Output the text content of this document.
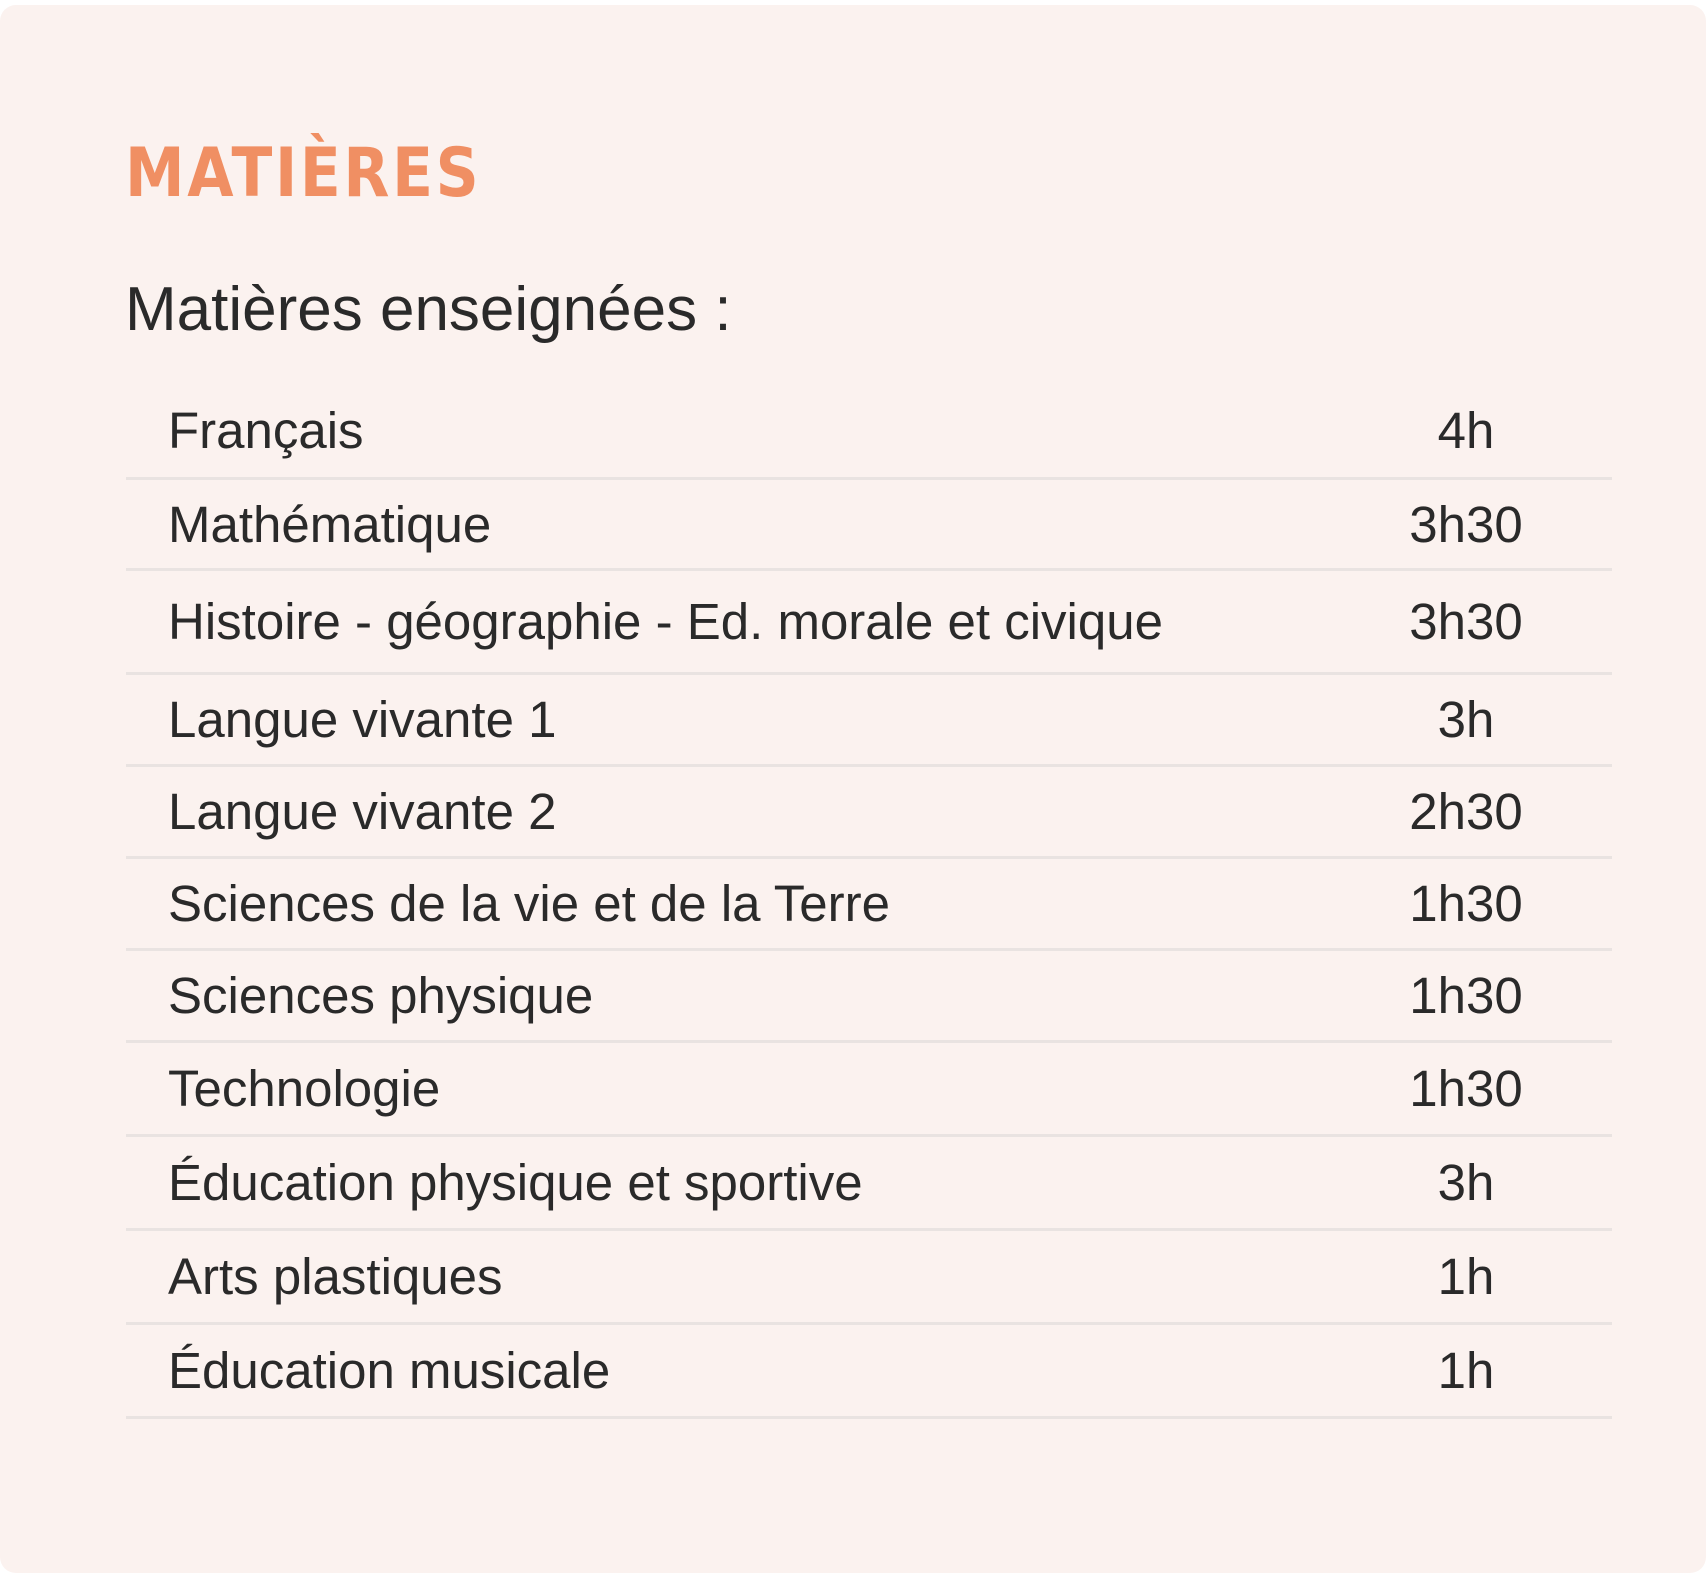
MATIÈRES
Matières enseignées :
Français	4h
Mathématique	3h30
Histoire - géographie - Ed. morale et civique	3h30
Langue vivante 1	3h
Langue vivante 2	2h30
Sciences de la vie et de la Terre	1h30
Sciences physique	1h30
Technologie	1h30
Éducation physique et sportive	3h
Arts plastiques	1h
Éducation musicale	1h
